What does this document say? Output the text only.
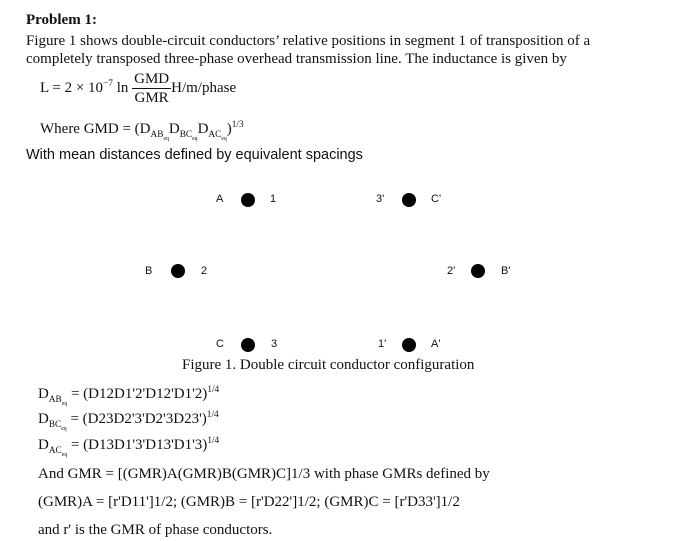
Problem 1:
Figure 1 shows double-circuit conductors’ relative positions in segment 1 of transposition of a
completely transposed three-phase overhead transmission line. The inductance is given by
$L = 2 \times 10^{-7}$ $\ln \frac{\text{GMD}}{\text{GMR}}$ H/m/phase
Where GMD = $(D_{AB_{eq}}D_{BC_{eq}}D_{AC_{eq}})^{1/3}$
With mean distances defined by equivalent spacings
A	1	3'	C'
B	2	2'	B'
C	3	1'	A'
Figure 1. Double circuit conductor configuration
$D_{AB_{eq}} = (D12D1'2'D12'D1'2)^{1/4}$
$D_{BC_{eq}} = (D23D2'3'D2'3D23')^{1/4}$
$D_{AC_{eq}} = (D13D1'3'D13'D1'3)^{1/4}$
And GMR = [(GMR)A(GMR)B(GMR)C]1/3 with phase GMRs defined by
(GMR)A = [r'D11']1/2; (GMR)B = [r'D22']1/2; (GMR)C = [r'D33']1/2
and r' is the GMR of phase conductors.
